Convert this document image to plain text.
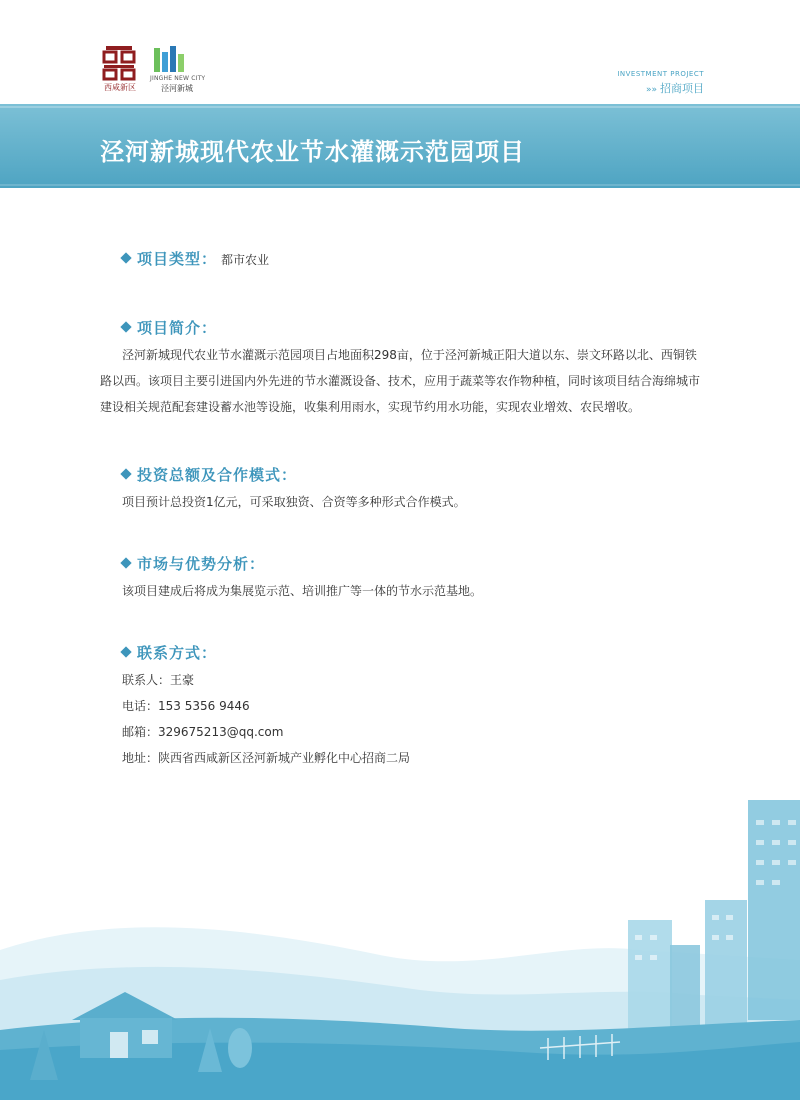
西咸新区
JINGHE NEW CITY
泾河新城
INVESTMENT PROJECT
»» 招商项目
泾河新城现代农业节水灌溉示范园项目
项目类型： 都市农业
项目简介：
泾河新城现代农业节水灌溉示范园项目占地面积298亩，位于泾河新城正阳大道以东、崇文环路以北、西铜铁路以西。该项目主要引进国内外先进的节水灌溉设备、技术，应用于蔬菜等农作物种植，同时该项目结合海绵城市建设相关规范配套建设蓄水池等设施，收集利用雨水，实现节约用水功能，实现农业增效、农民增收。
投资总额及合作模式：
项目预计总投资1亿元，可采取独资、合资等多种形式合作模式。
市场与优势分析：
该项目建成后将成为集展览示范、培训推广等一体的节水示范基地。
联系方式：
联系人：王豪
电话：153 5356 9446
邮箱：329675213@qq.com
地址：陕西省西咸新区泾河新城产业孵化中心招商二局
